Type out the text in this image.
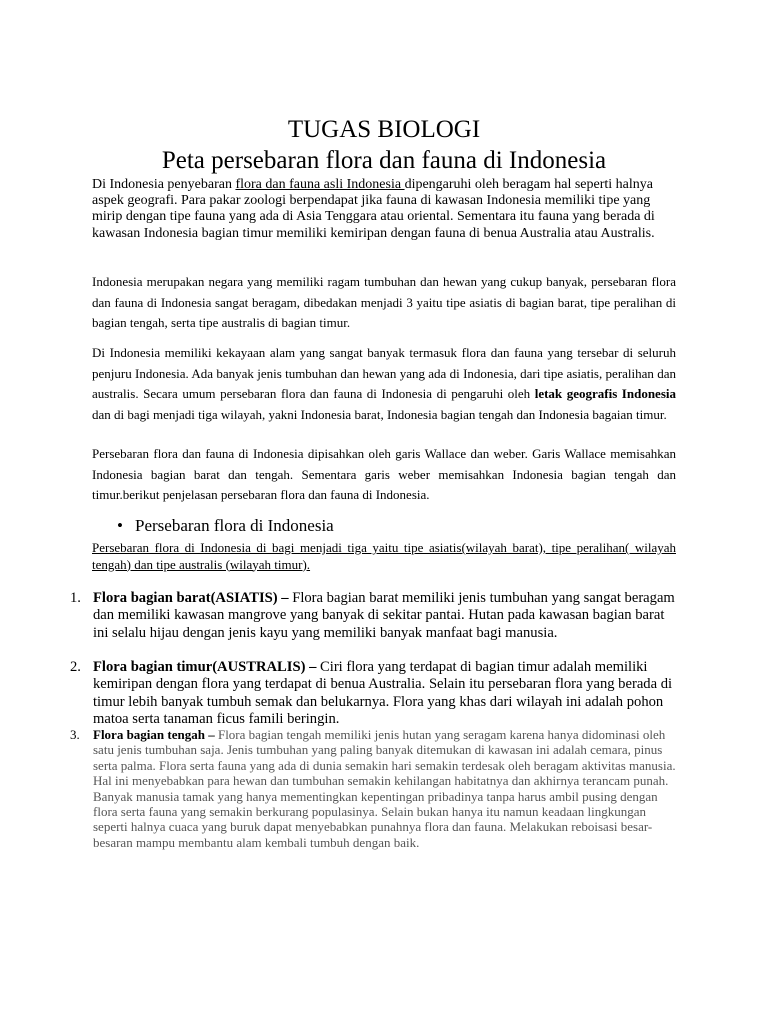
TUGAS BIOLOGI
Peta persebaran flora dan fauna di Indonesia
Di Indonesia penyebaran flora dan fauna asli Indonesia dipengaruhi oleh beragam hal seperti halnya aspek geografi. Para pakar zoologi berpendapat jika fauna di kawasan Indonesia memiliki tipe yang mirip dengan tipe fauna yang ada di Asia Tenggara atau oriental. Sementara itu fauna yang berada di kawasan Indonesia bagian timur memiliki kemiripan dengan fauna di benua Australia atau Australis.
Indonesia merupakan negara yang memiliki ragam tumbuhan dan hewan yang cukup banyak, persebaran flora dan fauna di Indonesia sangat beragam, dibedakan menjadi 3 yaitu tipe asiatis di bagian barat, tipe peralihan di bagian tengah, serta tipe australis di bagian timur.
Di Indonesia memiliki kekayaan alam yang sangat banyak termasuk flora dan fauna yang tersebar di seluruh penjuru Indonesia. Ada banyak jenis tumbuhan dan hewan yang ada di Indonesia, dari tipe asiatis, peralihan dan australis. Secara umum persebaran flora dan fauna di Indonesia di pengaruhi oleh letak geografis Indonesia dan di bagi menjadi tiga wilayah, yakni Indonesia barat, Indonesia bagian tengah dan Indonesia bagaian timur.
Persebaran flora dan fauna di Indonesia dipisahkan oleh garis Wallace dan weber. Garis Wallace memisahkan Indonesia bagian barat dan tengah. Sementara garis weber memisahkan Indonesia bagian tengah dan timur.berikut penjelasan persebaran flora dan fauna di Indonesia.
• Persebaran flora di Indonesia
Persebaran flora di Indonesia di bagi menjadi tiga yaitu tipe asiatis(wilayah barat), tipe peralihan( wilayah tengah) dan tipe australis (wilayah timur).
1. Flora bagian barat(ASIATIS) – Flora bagian barat memiliki jenis tumbuhan yang sangat beragam dan memiliki kawasan mangrove yang banyak di sekitar pantai. Hutan pada kawasan bagian barat ini selalu hijau dengan jenis kayu yang memiliki banyak manfaat bagi manusia.
2. Flora bagian timur(AUSTRALIS) – Ciri flora yang terdapat di bagian timur adalah memiliki kemiripan dengan flora yang terdapat di benua Australia. Selain itu persebaran flora yang berada di timur lebih banyak tumbuh semak dan belukarnya. Flora yang khas dari wilayah ini adalah pohon matoa serta tanaman ficus famili beringin.
3.	Flora bagian tengah – Flora bagian tengah memiliki jenis hutan yang seragam karena hanya didominasi oleh satu jenis tumbuhan saja. Jenis tumbuhan yang paling banyak ditemukan di kawasan ini adalah cemara, pinus serta palma. Flora serta fauna yang ada di dunia semakin hari semakin terdesak oleh beragam aktivitas manusia. Hal ini menyebabkan para hewan dan tumbuhan semakin kehilangan habitatnya dan akhirnya terancam punah. Banyak manusia tamak yang hanya mementingkan kepentingan pribadinya tanpa harus ambil pusing dengan flora serta fauna yang semakin berkurang populasinya. Selain bukan hanya itu namun keadaan lingkungan seperti halnya cuaca yang buruk dapat menyebabkan punahnya flora dan fauna. Melakukan reboisasi besar- besaran mampu membantu alam kembali tumbuh dengan baik.
